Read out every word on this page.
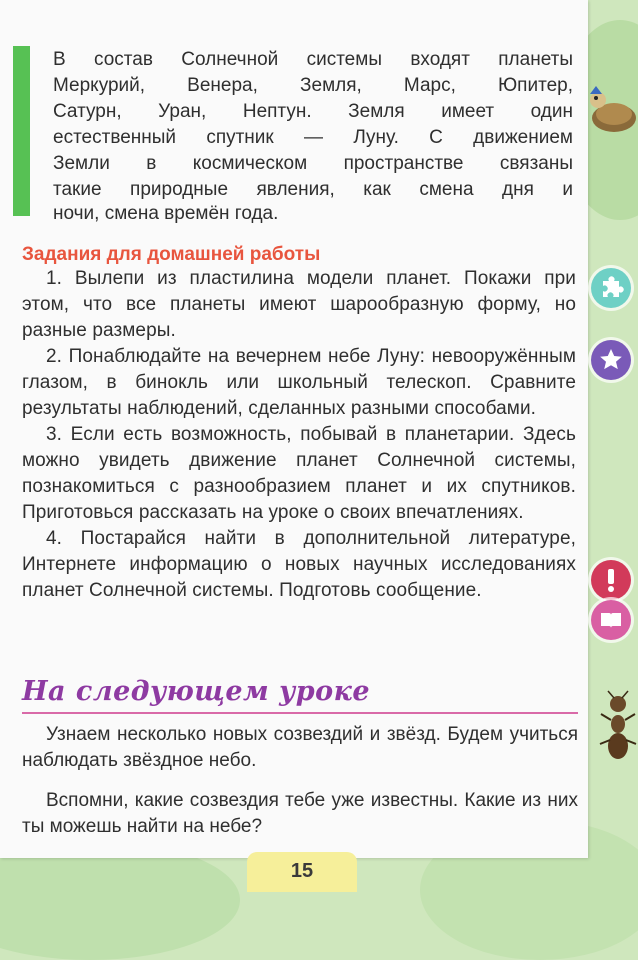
В состав Солнечной системы входят планеты

Меркурий, Венера, Земля, Марс, Юпитер,

Сатурн, Уран, Нептун. Земля имеет один

естественный спутник — Луну. С движением

Земли в космическом пространстве связаны

такие природные явления, как смена дня и

ночи, смена времён года.

Задания для домашней работы
1. Вылепи из пластилина модели планет. Покажи при этом, что все планеты имеют шарообразную форму, но разные размеры.
2. Понаблюдайте на вечернем небе Луну: невооружённым глазом, в бинокль или школьный телескоп. Сравните результаты наблюдений, сделанных разными способами.
3. Если есть возможность, побывай в планетарии. Здесь можно увидеть движение планет Солнечной системы, познакомиться с разнообразием планет и их спутников. Приготовься рассказать на уроке о своих впечатлениях.
4. Постарайся найти в дополнительной литературе, Интернете информацию о новых научных исследованиях планет Солнечной системы. Подготовь сообщение.
На следующем уроке

Узнаем несколько новых созвездий и звёзд. Будем учиться наблюдать звёздное небо.

Вспомни, какие созвездия тебе уже известны. Какие из них ты можешь найти на небе?

15
